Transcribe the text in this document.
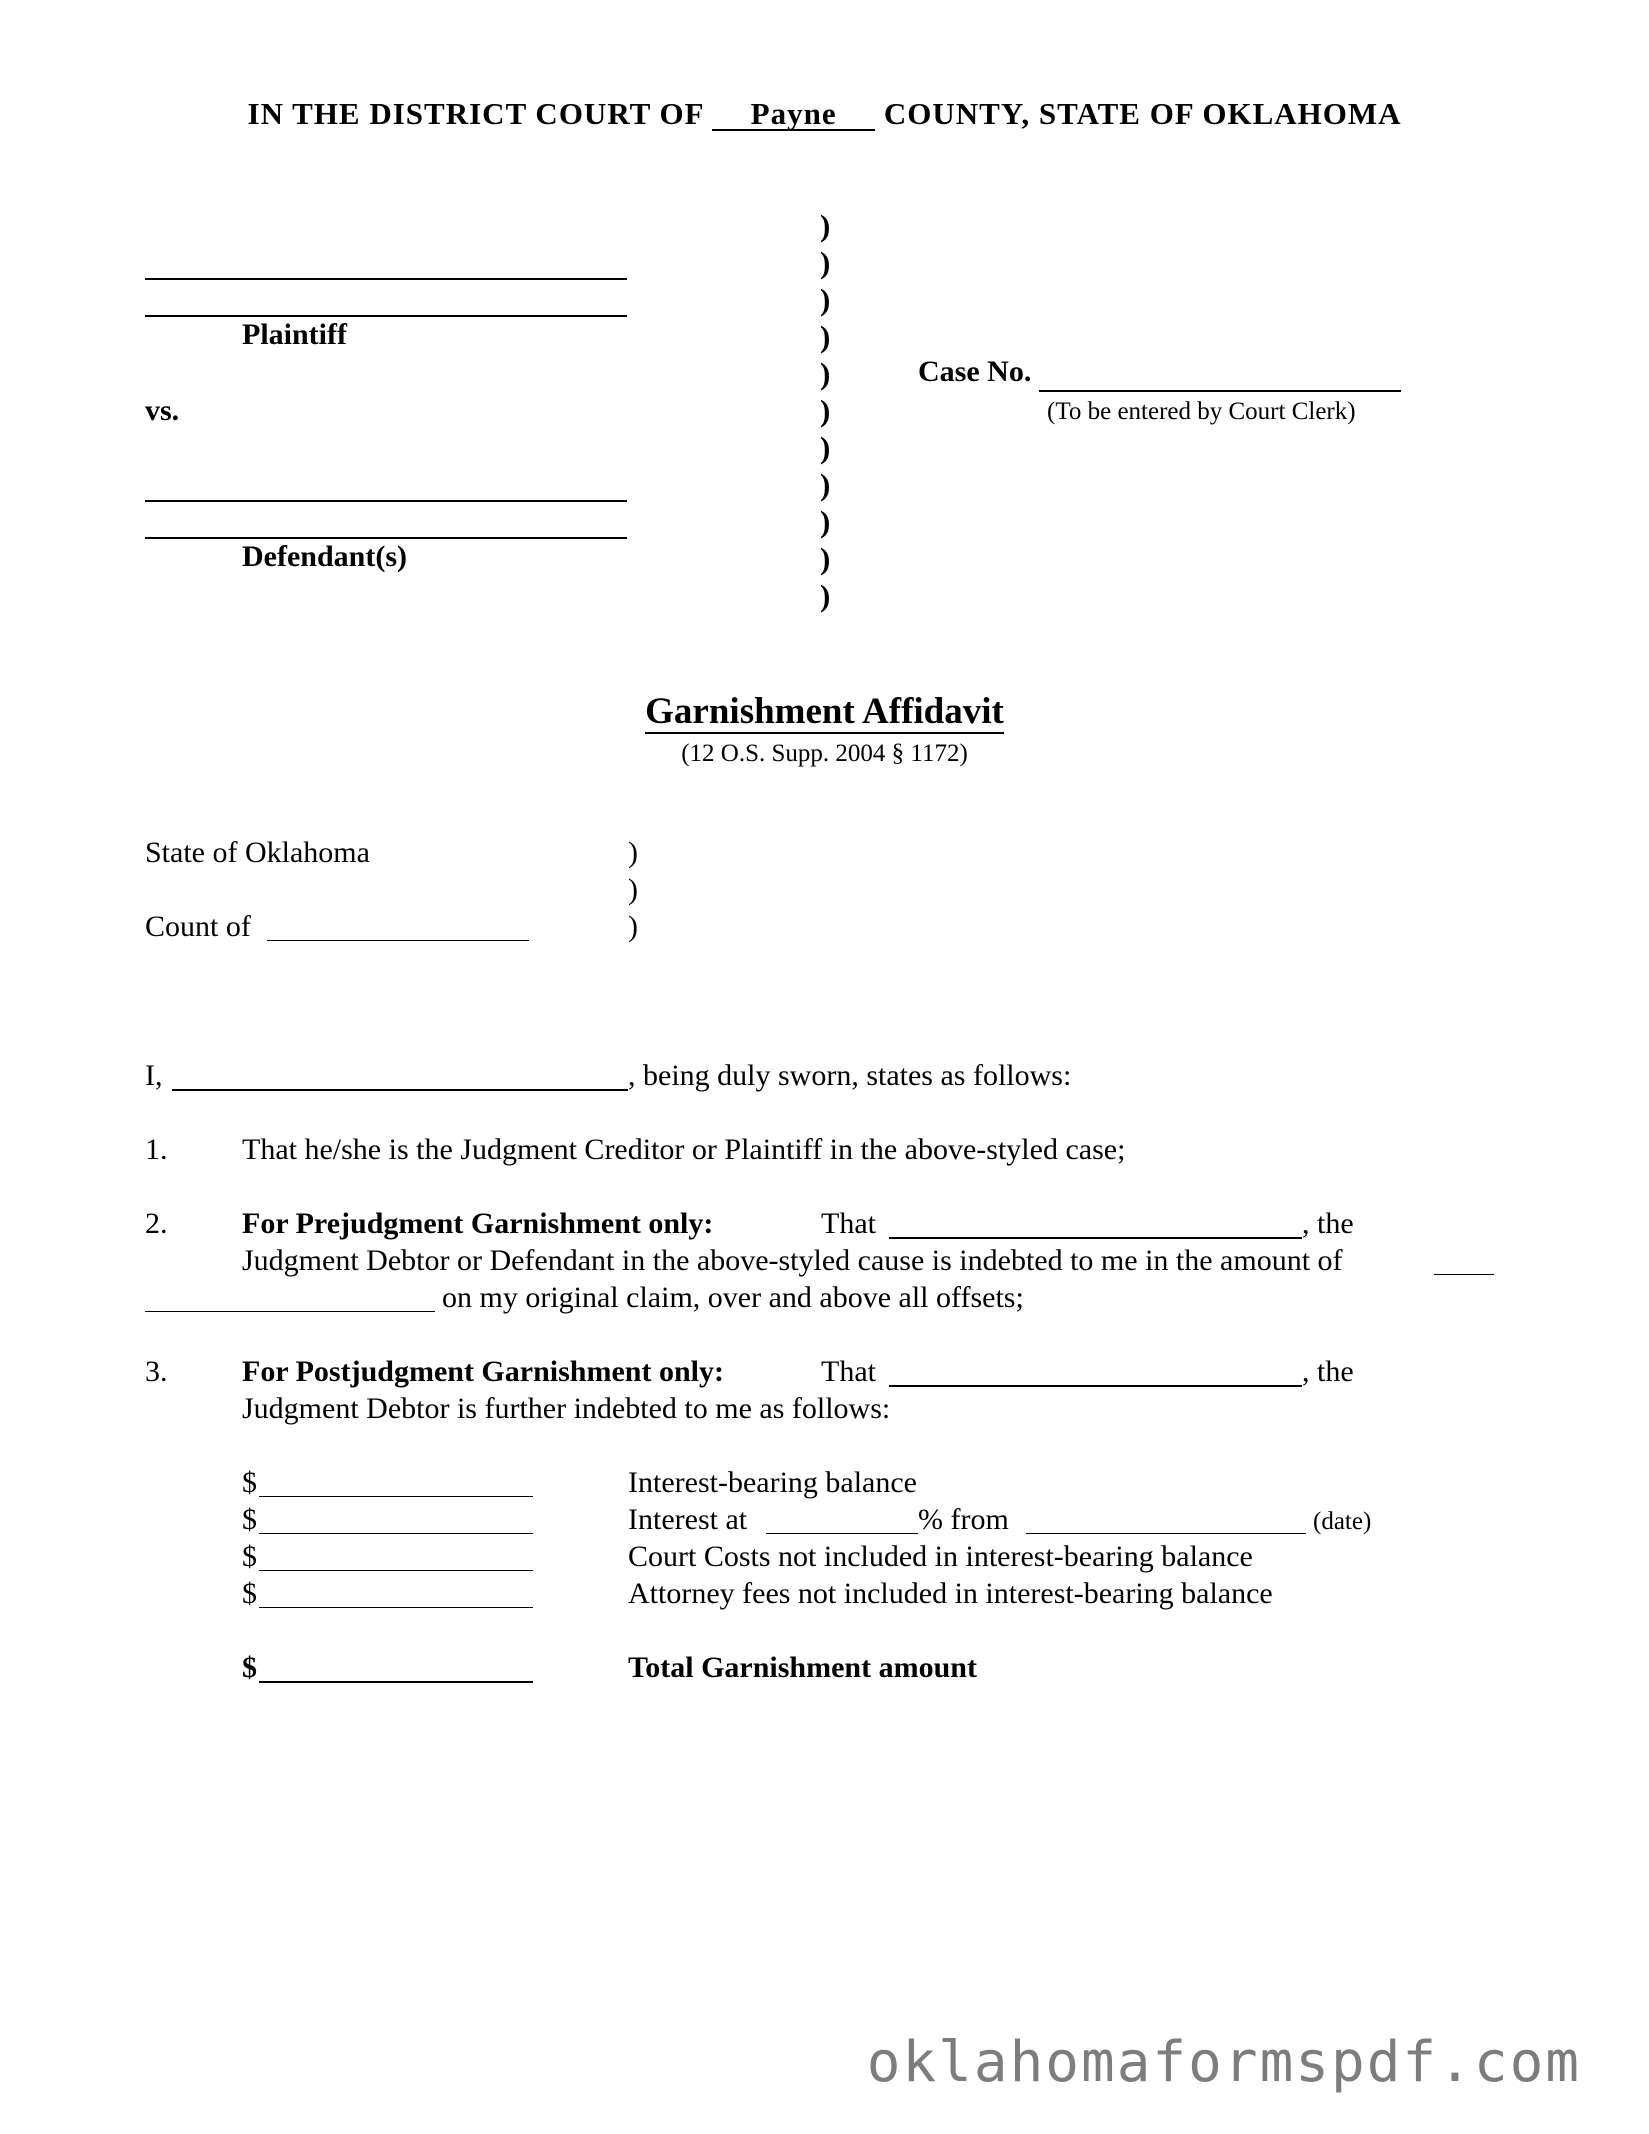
IN THE DISTRICT COURT OF Payne COUNTY, STATE OF OKLAHOMA
Plaintiff
vs.
Defendant(s)
)
)
)
)
)
)
)
)
)
)
)
Case No.
(To be entered by Court Clerk)
Garnishment Affidavit
(12 O.S. Supp. 2004 § 1172)
State of Oklahoma	)
)
Count of	)
I,	, being duly sworn, states as follows:
1. That he/she is the Judgment Creditor or Plaintiff in the above-styled case;
2. For Prejudgment Garnishment only:	That	, the
Judgment Debtor or Defendant in the above-styled cause is indebted to me in the amount of
on my original claim, over and above all offsets;
3. For Postjudgment Garnishment only:	That	, the
Judgment Debtor is further indebted to me as follows:
$	Interest-bearing balance
$	Interest at	% from	(date)
$	Court Costs not included in interest-bearing balance
$	Attorney fees not included in interest-bearing balance
$	Total Garnishment amount
oklahomaformspdf.com
